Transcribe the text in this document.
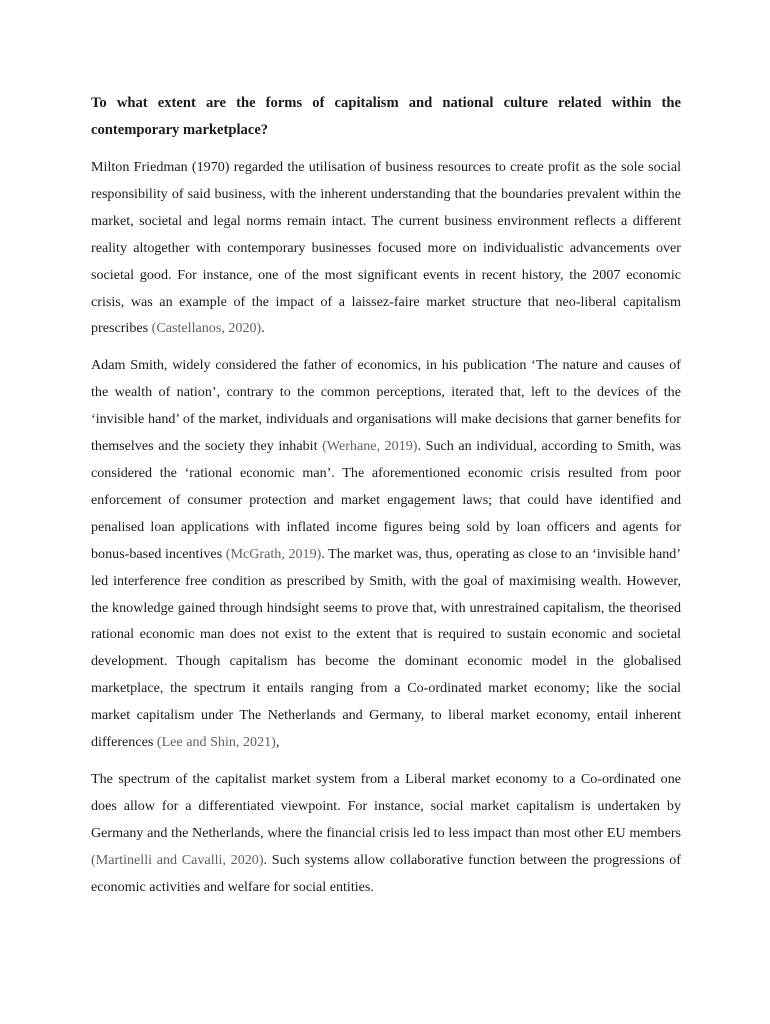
To what extent are the forms of capitalism and national culture related within the contemporary marketplace?

Milton Friedman (1970) regarded the utilisation of business resources to create profit as the sole social responsibility of said business, with the inherent understanding that the boundaries prevalent within the market, societal and legal norms remain intact. The current business environment reflects a different reality altogether with contemporary businesses focused more on individualistic advancements over societal good. For instance, one of the most significant events in recent history, the 2007 economic crisis, was an example of the impact of a laissez-faire market structure that neo-liberal capitalism prescribes (Castellanos, 2020).

Adam Smith, widely considered the father of economics, in his publication ‘The nature and causes of the wealth of nation’, contrary to the common perceptions, iterated that, left to the devices of the ‘invisible hand’ of the market, individuals and organisations will make decisions that garner benefits for themselves and the society they inhabit (Werhane, 2019). Such an individual, according to Smith, was considered the ‘rational economic man’. The aforementioned economic crisis resulted from poor enforcement of consumer protection and market engagement laws; that could have identified and penalised loan applications with inflated income figures being sold by loan officers and agents for bonus-based incentives (McGrath, 2019). The market was, thus, operating as close to an ‘invisible hand’ led interference free condition as prescribed by Smith, with the goal of maximising wealth. However, the knowledge gained through hindsight seems to prove that, with unrestrained capitalism, the theorised rational economic man does not exist to the extent that is required to sustain economic and societal development. Though capitalism has become the dominant economic model in the globalised marketplace, the spectrum it entails ranging from a Co-ordinated market economy; like the social market capitalism under The Netherlands and Germany, to liberal market economy, entail inherent differences (Lee and Shin, 2021),

The spectrum of the capitalist market system from a Liberal market economy to a Co-ordinated one does allow for a differentiated viewpoint. For instance, social market capitalism is undertaken by Germany and the Netherlands, where the financial crisis led to less impact than most other EU members (Martinelli and Cavalli, 2020). Such systems allow collaborative function between the progressions of economic activities and welfare for social entities.
